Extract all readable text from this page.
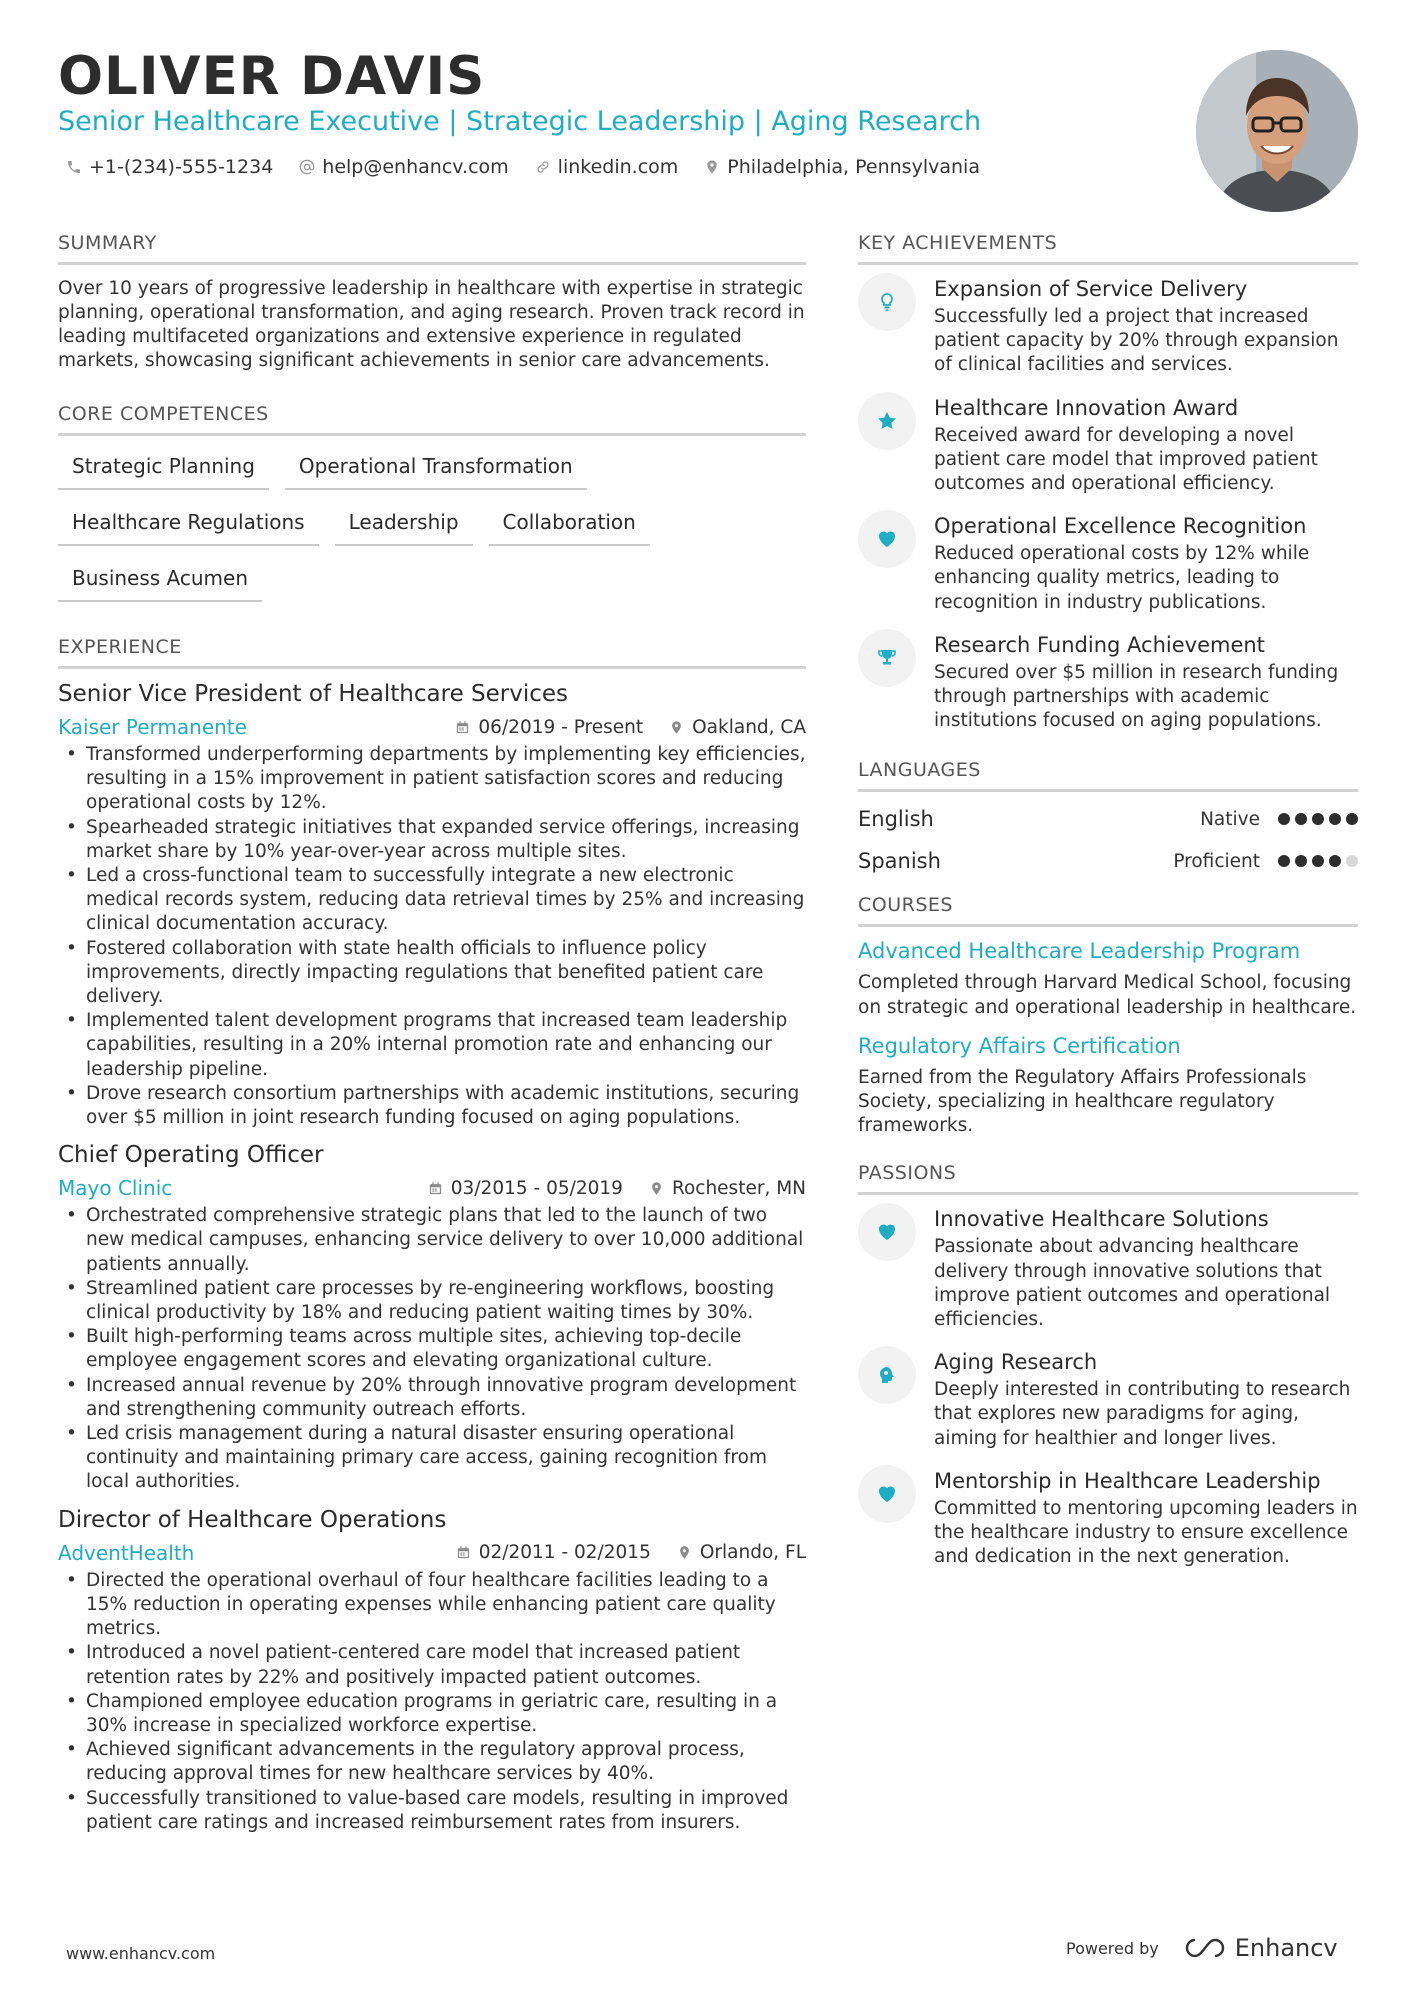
OLIVER DAVIS
Senior Healthcare Executive | Strategic Leadership | Aging Research
+1-(234)-555-1234	help@enhancv.com	linkedin.com	Philadelphia, Pennsylvania
SUMMARY
Over 10 years of progressive leadership in healthcare with expertise in strategic planning, operational transformation, and aging research. Proven track record in leading multifaceted organizations and extensive experience in regulated markets, showcasing significant achievements in senior care advancements.
CORE COMPETENCES
Strategic Planning	Operational Transformation
Healthcare Regulations	Leadership	Collaboration
Business Acumen
EXPERIENCE
Senior Vice President of Healthcare Services
Kaiser Permanente	06/2019 - Present	Oakland, CA
• Transformed underperforming departments by implementing key efficiencies, resulting in a 15% improvement in patient satisfaction scores and reducing operational costs by 12%.
• Spearheaded strategic initiatives that expanded service offerings, increasing market share by 10% year-over-year across multiple sites.
• Led a cross-functional team to successfully integrate a new electronic medical records system, reducing data retrieval times by 25% and increasing clinical documentation accuracy.
• Fostered collaboration with state health officials to influence policy improvements, directly impacting regulations that benefited patient care delivery.
• Implemented talent development programs that increased team leadership capabilities, resulting in a 20% internal promotion rate and enhancing our leadership pipeline.
• Drove research consortium partnerships with academic institutions, securing over $5 million in joint research funding focused on aging populations.
Chief Operating Officer
Mayo Clinic	03/2015 - 05/2019	Rochester, MN
• Orchestrated comprehensive strategic plans that led to the launch of two new medical campuses, enhancing service delivery to over 10,000 additional patients annually.
• Streamlined patient care processes by re-engineering workflows, boosting clinical productivity by 18% and reducing patient waiting times by 30%.
• Built high-performing teams across multiple sites, achieving top-decile employee engagement scores and elevating organizational culture.
• Increased annual revenue by 20% through innovative program development and strengthening community outreach efforts.
• Led crisis management during a natural disaster ensuring operational continuity and maintaining primary care access, gaining recognition from local authorities.
Director of Healthcare Operations
AdventHealth	02/2011 - 02/2015	Orlando, FL
• Directed the operational overhaul of four healthcare facilities leading to a 15% reduction in operating expenses while enhancing patient care quality metrics.
• Introduced a novel patient-centered care model that increased patient retention rates by 22% and positively impacted patient outcomes.
• Championed employee education programs in geriatric care, resulting in a 30% increase in specialized workforce expertise.
• Achieved significant advancements in the regulatory approval process, reducing approval times for new healthcare services by 40%.
• Successfully transitioned to value-based care models, resulting in improved patient care ratings and increased reimbursement rates from insurers.
KEY ACHIEVEMENTS
Expansion of Service Delivery
Successfully led a project that increased patient capacity by 20% through expansion of clinical facilities and services.
Healthcare Innovation Award
Received award for developing a novel patient care model that improved patient outcomes and operational efficiency.
Operational Excellence Recognition
Reduced operational costs by 12% while enhancing quality metrics, leading to recognition in industry publications.
Research Funding Achievement
Secured over $5 million in research funding through partnerships with academic institutions focused on aging populations.
LANGUAGES
English	Native
Spanish	Proficient
COURSES
Advanced Healthcare Leadership Program
Completed through Harvard Medical School, focusing on strategic and operational leadership in healthcare.
Regulatory Affairs Certification
Earned from the Regulatory Affairs Professionals Society, specializing in healthcare regulatory frameworks.
PASSIONS
Innovative Healthcare Solutions
Passionate about advancing healthcare delivery through innovative solutions that improve patient outcomes and operational efficiencies.
Aging Research
Deeply interested in contributing to research that explores new paradigms for aging, aiming for healthier and longer lives.
Mentorship in Healthcare Leadership
Committed to mentoring upcoming leaders in the healthcare industry to ensure excellence and dedication in the next generation.
www.enhancv.com	Powered by	Enhancv
